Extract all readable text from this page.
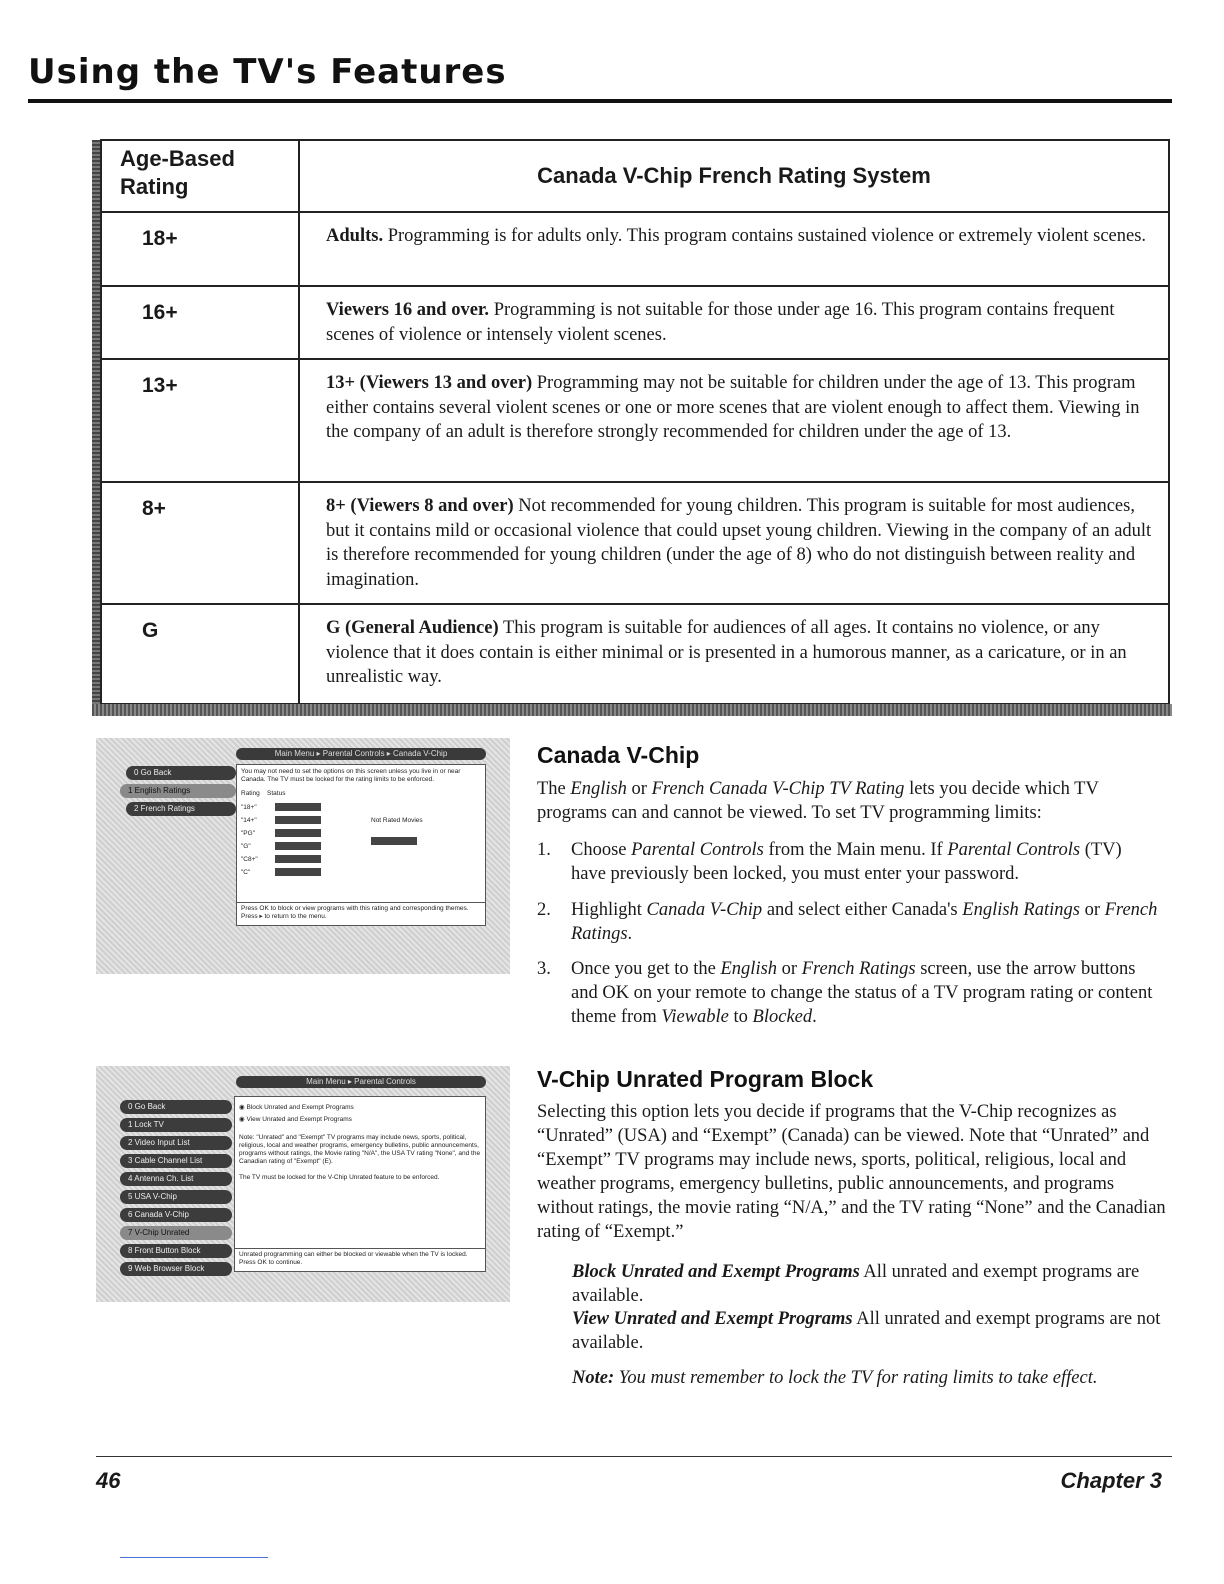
Using the TV's Features
Age-Based Rating	Canada V-Chip French Rating System
18+	Adults. Programming is for adults only. This program contains sustained violence or extremely violent scenes.
16+	Viewers 16 and over. Programming is not suitable for those under age 16. This program contains frequent scenes of violence or intensely violent scenes.
13+	13+ (Viewers 13 and over) Programming may not be suitable for children under the age of 13. This program either contains several violent scenes or one or more scenes that are violent enough to affect them. Viewing in the company of an adult is therefore strongly recommended for children under the age of 13.
8+	8+ (Viewers 8 and over) Not recommended for young children. This program is suitable for most audiences, but it contains mild or occasional violence that could upset young children. Viewing in the company of an adult is therefore recommended for young children (under the age of 8) who do not distinguish between reality and imagination.
G	G (General Audience) This program is suitable for audiences of all ages. It contains no violence, or any violence that it does contain is either minimal or is presented in a humorous manner, as a caricature, or in an unrealistic way.
Main Menu ▸ Parental Controls ▸ Canada V-Chip
0 Go Back
1 English Ratings
2 French Ratings
You may not need to set the options on this screen unless you live in or near Canada. The TV must be locked for the rating limits to be enforced.
Rating Status
"18+"
"14+"
"PG"
"G"
"C8+"
"C"
Not Rated Movies
Press OK to block or view programs with this rating and corresponding themes. Press ▸ to return to the menu.
Main Menu ▸ Parental Controls
0 Go Back
1 Lock TV
2 Video Input List
3 Cable Channel List
4 Antenna Ch. List
5 USA V-Chip
6 Canada V-Chip
7 V-Chip Unrated
8 Front Button Block
9 Web Browser Block
◉ Block Unrated and Exempt Programs
◉ View Unrated and Exempt Programs
Note: "Unrated" and "Exempt" TV programs may include news, sports, political, religious, local and weather programs, emergency bulletins, public announcements, programs without ratings, the Movie rating "N/A", the USA TV rating "None", and the Canadian rating of "Exempt" (E).
The TV must be locked for the V-Chip Unrated feature to be enforced.
Unrated programming can either be blocked or viewable when the TV is locked. Press OK to continue.
Canada V-Chip
The English or French Canada V-Chip TV Rating lets you decide which TV programs can and cannot be viewed. To set TV programming limits:
1. Choose Parental Controls from the Main menu. If Parental Controls (TV) have previously been locked, you must enter your password.
2. Highlight Canada V-Chip and select either Canada's English Ratings or French Ratings.
3. Once you get to the English or French Ratings screen, use the arrow buttons and OK on your remote to change the status of a TV program rating or content theme from Viewable to Blocked.
V-Chip Unrated Program Block
Selecting this option lets you decide if programs that the V-Chip recognizes as “Unrated” (USA) and “Exempt” (Canada) can be viewed. Note that “Unrated” and “Exempt” TV programs may include news, sports, political, religious, local and weather programs, emergency bulletins, public announcements, and programs without ratings, the movie rating “N/A,” and the TV rating “None” and the Canadian rating of “Exempt.”
Block Unrated and Exempt Programs All unrated and exempt programs are available.
View Unrated and Exempt Programs All unrated and exempt programs are not available.
Note: You must remember to lock the TV for rating limits to take effect.
46	Chapter 3
